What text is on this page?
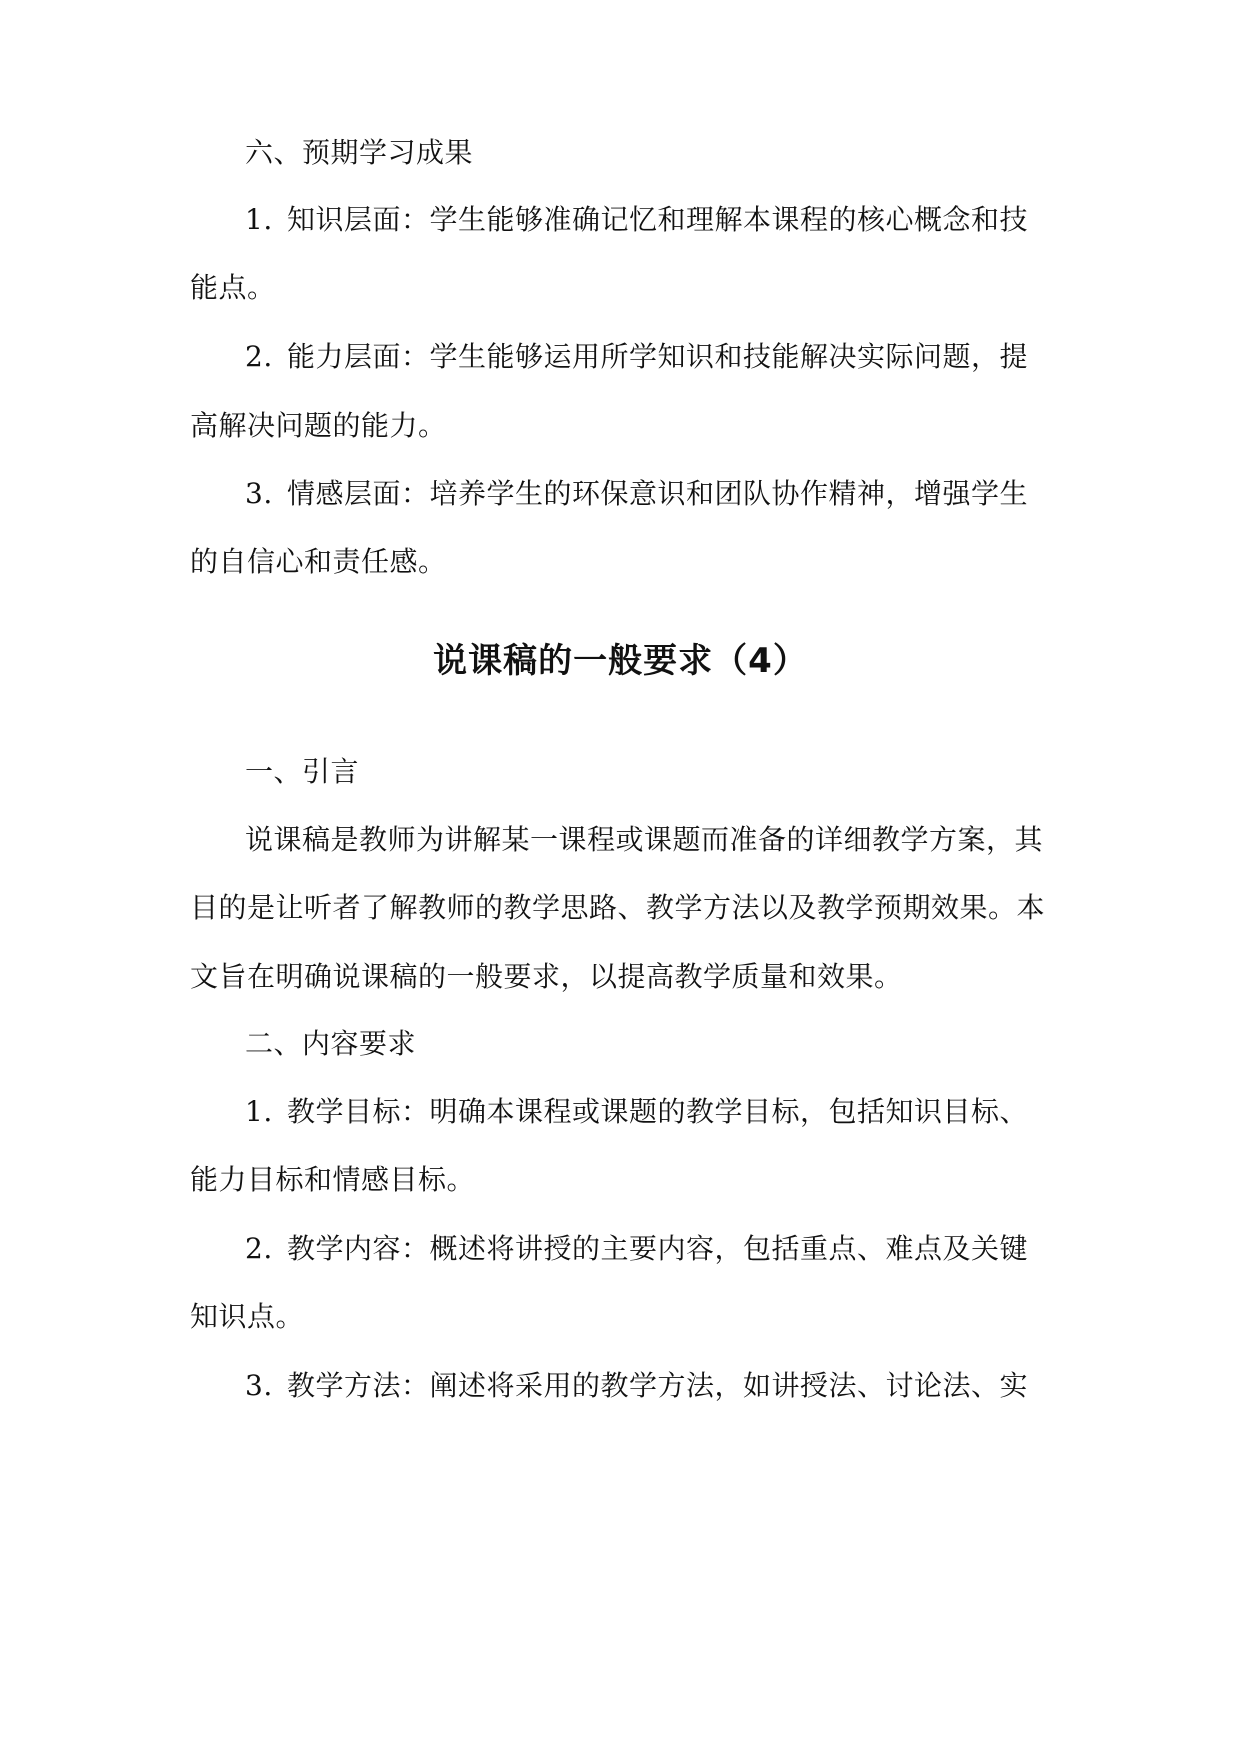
六、预期学习成果

1. 知识层面：学生能够准确记忆和理解本课程的核心概念和技

能点。

2. 能力层面：学生能够运用所学知识和技能解决实际问题，提

高解决问题的能力。

3. 情感层面：培养学生的环保意识和团队协作精神，增强学生

的自信心和责任感。

说课稿的一般要求（4）

一、引言

说课稿是教师为讲解某一课程或课题而准备的详细教学方案，其

目的是让听者了解教师的教学思路、教学方法以及教学预期效果。本

文旨在明确说课稿的一般要求，以提高教学质量和效果。

二、内容要求

1. 教学目标：明确本课程或课题的教学目标，包括知识目标、

能力目标和情感目标。

2. 教学内容：概述将讲授的主要内容，包括重点、难点及关键

知识点。

3. 教学方法：阐述将采用的教学方法，如讲授法、讨论法、实
